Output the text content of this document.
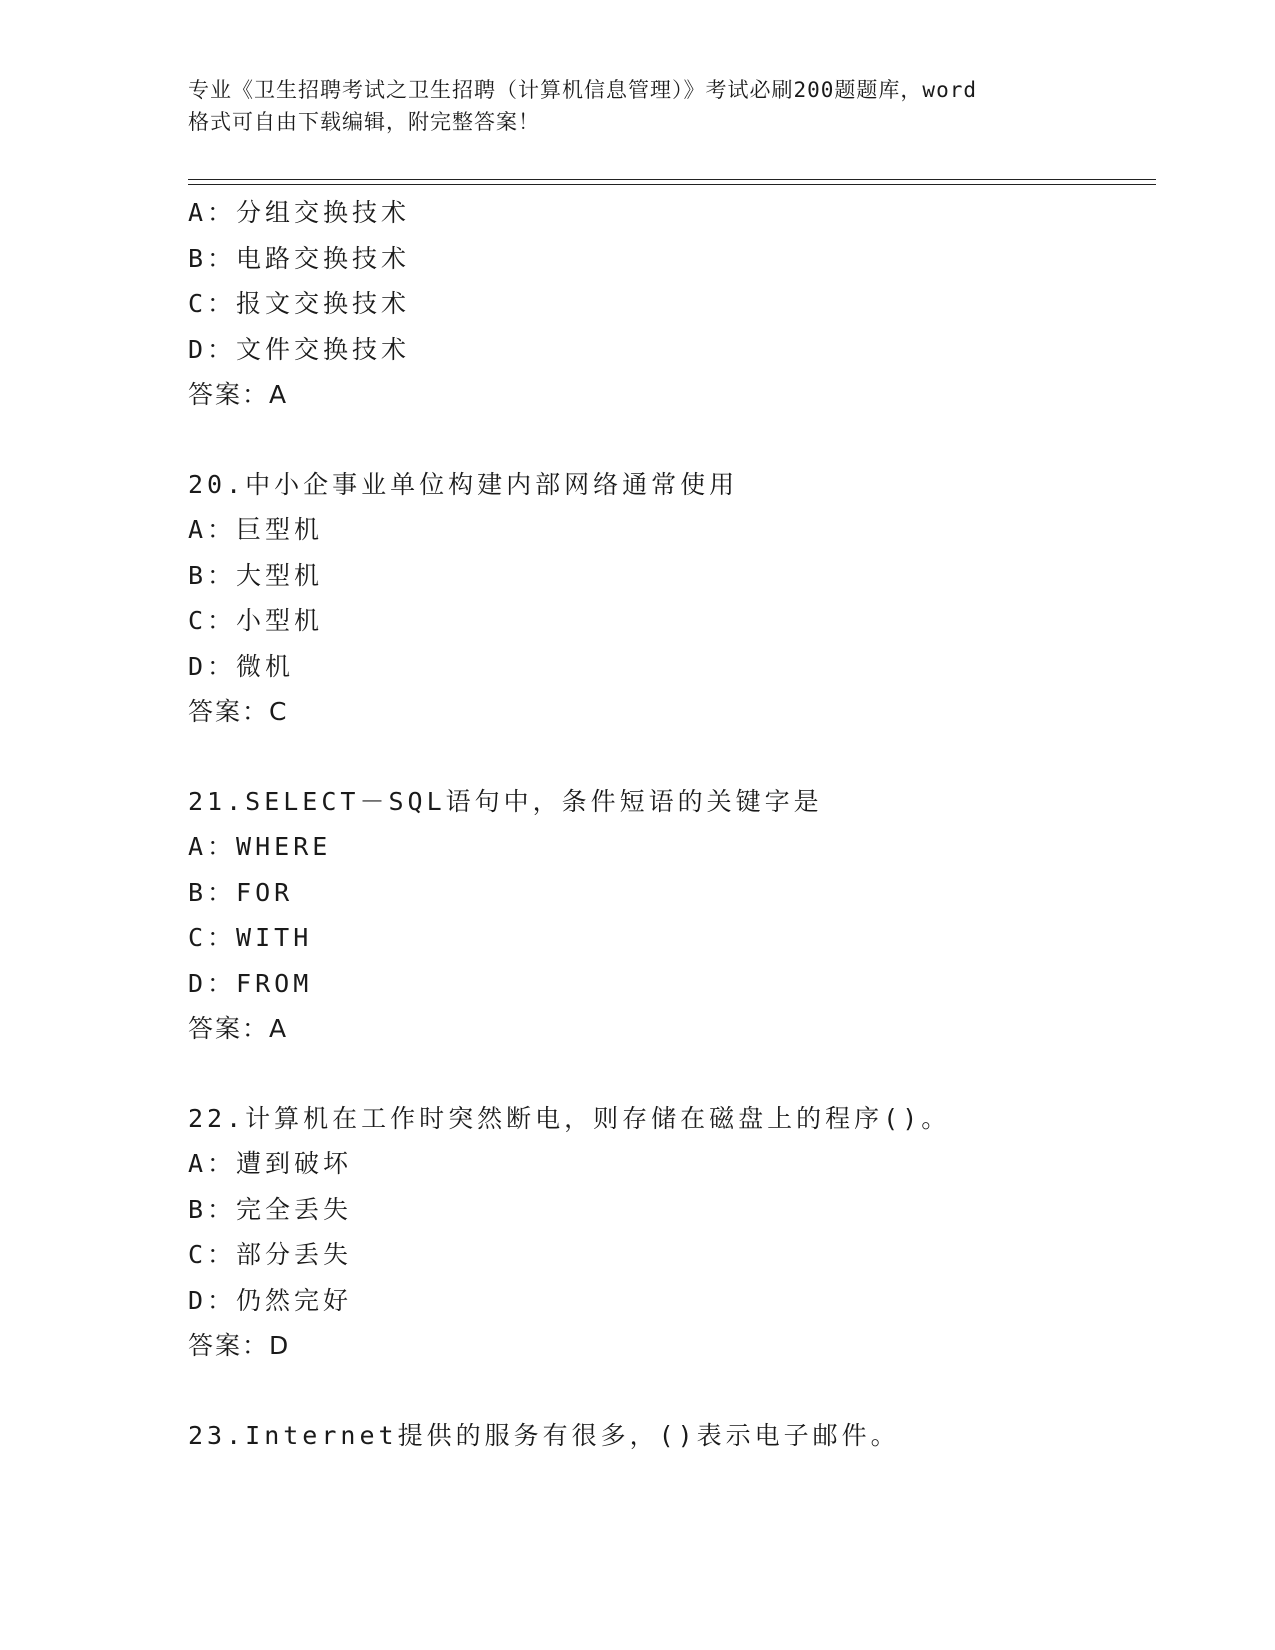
专业《卫生招聘考试之卫生招聘（计算机信息管理）》考试必刷200题题库，word
格式可自由下载编辑，附完整答案！
A：分组交换技术
B：电路交换技术
C：报文交换技术
D：文件交换技术
答案：A
20.中小企事业单位构建内部网络通常使用
A：巨型机
B：大型机
C：小型机
D：微机
答案：C
21.SELECT－SQL语句中，条件短语的关键字是
A：WHERE
B：FOR
C：WITH
D：FROM
答案：A
22.计算机在工作时突然断电，则存储在磁盘上的程序()。
A：遭到破坏
B：完全丢失
C：部分丢失
D：仍然完好
答案：D
23.Internet提供的服务有很多，()表示电子邮件。
